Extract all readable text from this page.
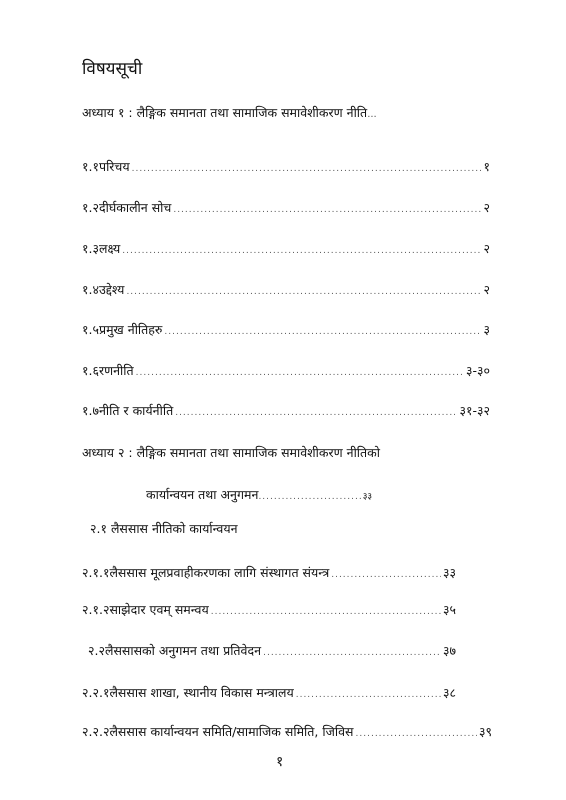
विषयसूची
अध्याय १ : लैङ्गिक समानता तथा सामाजिक समावेशीकरण नीति...
१.१परिचय .....	१
१.२दीर्घकालीन सोच .....	२
१.३लक्ष्य .....	२
१.४उद्देश्य .....	२
१.५प्रमुख नीतिहरु .....	३
१.६रणनीति .....	३-३०
१.७नीति र कार्यनीति .....	३१-३२
अध्याय २ : लैङ्गिक समानता तथा सामाजिक समावेशीकरण नीतिको
कार्यान्वयन तथा अनुगमन...........................३३
२.१ लैससास नीतिको कार्यान्वयन
२.१.१लैससास मूलप्रवाहीकरणका लागि संस्थागत संयन्त्र .....	३३
२.१.२साझेदार एवम् समन्वय .....	३५
२.२लैससासको अनुगमन तथा प्रतिवेदन .....	३७
२.२.१लैससास शाखा, स्थानीय विकास मन्त्रालय .....	३८
२.२.२लैससास कार्यान्वयन समिति/सामाजिक समिति, जिविस .....	३९
१
